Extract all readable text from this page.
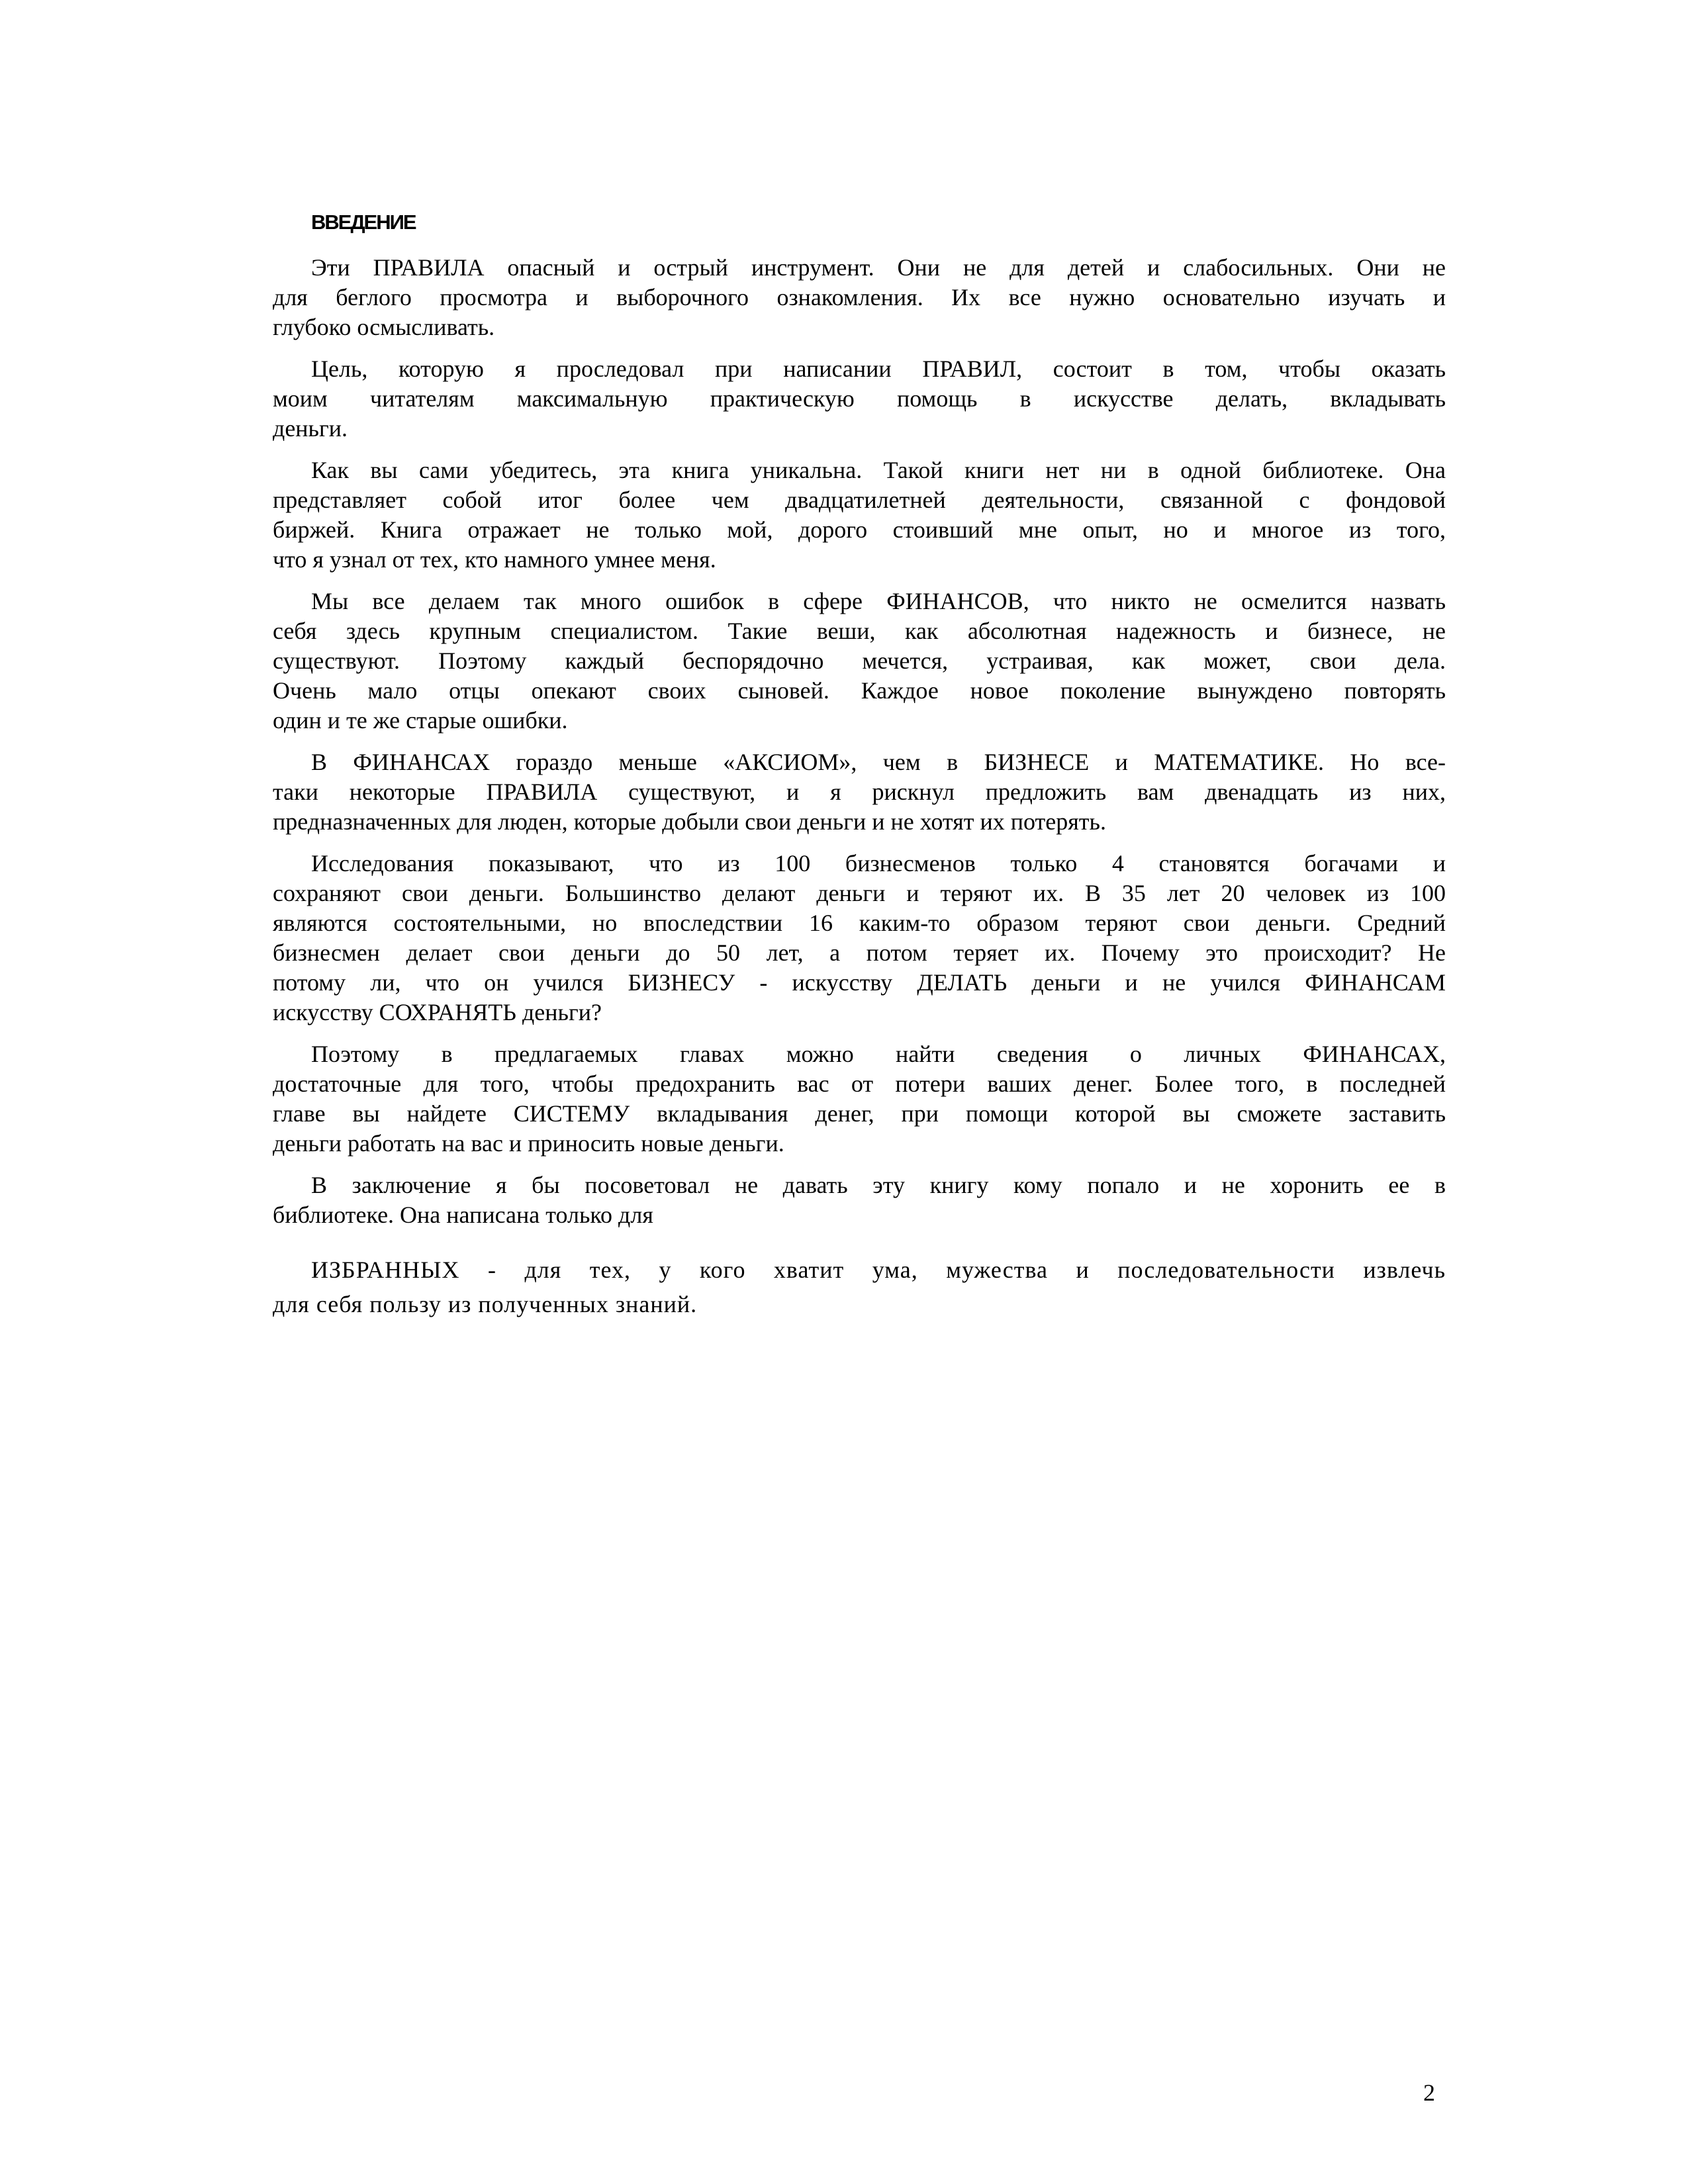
ВВЕДЕНИЕ
Эти ПРАВИЛА опасный и острый инструмент. Они не для детей и слабосильных. Они не
для беглого просмотра и выборочного ознакомления. Их все нужно основательно изучать и
глубоко осмысливать.
Цель, которую я проследовал при написании ПРАВИЛ, состоит в том, чтобы оказать
моим читателям максимальную практическую помощь в искусстве делать, вкладывать
деньги.
Как вы сами убедитесь, эта книга уникальна. Такой книги нет ни в одной библиотеке. Она
представляет собой итог более чем двадцатилетней деятельности, связанной с фондовой
биржей. Книга отражает не только мой, дорого стоивший мне опыт, но и многое из того,
что я узнал от тех, кто намного умнее меня.
Мы все делаем так много ошибок в сфере ФИНАНСОВ, что никто не осмелится назвать
себя здесь крупным специалистом. Такие веши, как абсолютная надежность и бизнесе, не
существуют. Поэтому каждый беспорядочно мечется, устраивая, как может, свои дела.
Очень мало отцы опекают своих сыновей. Каждое новое поколение вынуждено повторять
один и те же старые ошибки.
В ФИНАНСАХ гораздо меньше «АКСИОМ», чем в БИЗНЕСЕ и МАТЕМАТИКЕ. Но все-
таки некоторые ПРАВИЛА существуют, и я рискнул предложить вам двенадцать из них,
предназначенных для люден, которые добыли свои деньги и не хотят их потерять.
Исследования показывают, что из 100 бизнесменов только 4 становятся богачами и
сохраняют свои деньги. Большинство делают деньги и теряют их. В 35 лет 20 человек из 100
являются состоятельными, но впоследствии 16 каким-то образом теряют свои деньги. Средний
бизнесмен делает свои деньги до 50 лет, а потом теряет их. Почему это происходит? Не
потому ли, что он учился БИЗНЕСУ - искусству ДЕЛАТЬ деньги и не учился ФИНАНСАМ
искусству СОХРАНЯТЬ деньги?
Поэтому в предлагаемых главах можно найти сведения о личных ФИНАНСАХ,
достаточные для того, чтобы предохранить вас от потери ваших денег. Более того, в последней
главе вы найдете СИСТЕМУ вкладывания денег, при помощи которой вы сможете заставить
деньги работать на вас и приносить новые деньги.
В заключение я бы посоветовал не давать эту книгу кому попало и не хоронить ее в
библиотеке. Она написана только для
ИЗБРАННЫХ - для тех, у кого хватит ума, мужества и последовательности извлечь
для себя пользу из полученных знаний.
2
